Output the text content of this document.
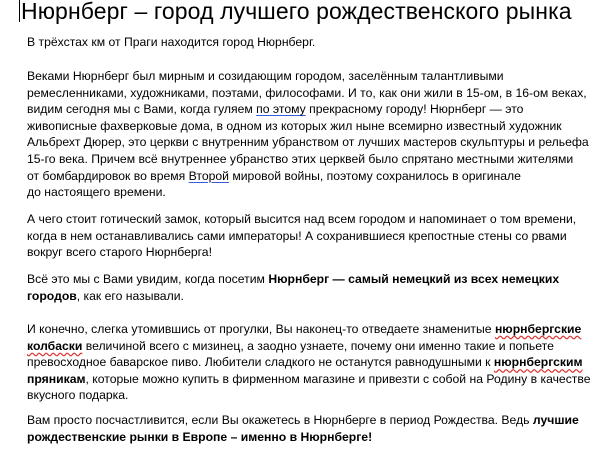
Нюрнберг – город лучшего рождественского рынка

В трёхстах км от Праги находится город Нюрнберг.

Веками Нюрнберг был мирным и созидающим городом, заселённым талантливыми
ремесленниками, художниками, поэтами, философами. И то, как они жили в 15-ом, в 16-ом веках,
видим сегодня мы с Вами, когда гуляем по этому прекрасному городу! Нюрнберг — это
живописные фахверковые дома, в одном из которых жил ныне всемирно известный художник
Альбрехт Дюрер, это церкви с внутренним убранством от лучших мастеров скульптуры и рельефа
15-го века. Причем всё внутреннее убранство этих церквей было спрятано местными жителями
от бомбардировок во время Второй мировой войны, поэтому сохранилось в оригинале
до настоящего времени.

А чего стоит готический замок, который высится над всем городом и напоминает о том времени,
когда в нем останавливались сами императоры! А сохранившиеся крепостные стены со рвами
вокруг всего старого Нюрнберга!

Всё это мы с Вами увидим, когда посетим Нюрнберг — самый немецкий из всех немецких
городов, как его называли.

И конечно, слегка утомившись от прогулки, Вы наконец-то отведаете знаменитые нюрнбергские
колбаски величиной всего с мизинец, а заодно узнаете, почему они именно такие и попьете
превосходное баварское пиво. Любители сладкого не останутся равнодушными к нюрнбергским
пряникам, которые можно купить в фирменном магазине и привезти с собой на Родину в качестве
вкусного подарка.

Вам просто посчастливится, если Вы окажетесь в Нюрнберге в период Рождества. Ведь лучшие
рождественские рынки в Европе – именно в Нюрнберге!
